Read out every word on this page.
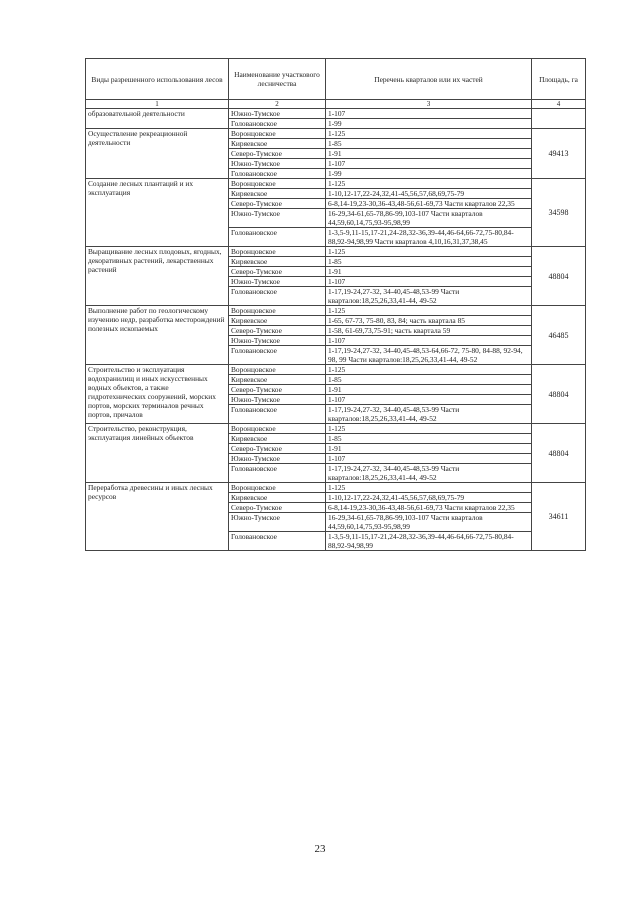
Виды разрешенного использования лесов	Наименование участкового лесничества	Перечень кварталов или их частей	Площадь, га
1	2	3	4
образовательной деятельности	Южно-Тумское	1-107	
	Голованoвское	1-99	
Осуществление рекреационной деятельности	Воронцовское	1-125	49413
	Киряевское	1-85	
	Северо-Тумское	1-91	
	Южно-Тумское	1-107	
	Голованoвское	1-99	
Создание лесных плантаций и их эксплуатация	Воронцовское	1-125	34598
	Киряевское	1-10,12-17,22-24,32,41-45,56,57,68,69,75-79	
	Северо-Тумское	6-8,14-19,23-30,36-43,48-56,61-69,73 Части кварталов 22,35	
	Южно-Тумское	16-29,34-61,65-78,86-99,103-107 Части кварталов 44,59,60,14,75,93-95,98,99	
	Голованoвское	1-3,5-9,11-15,17-21,24-28,32-36,39-44,46-64,66-72,75-80,84-88,92-94,98,99 Части кварталов 4,10,16,31,37,38,45	
Выращивание лесных плодовых, ягодных, декоративных растений, лекарственных растений	Воронцовское	1-125	48804
	Киряевское	1-85	
	Северо-Тумское	1-91	
	Южно-Тумское	1-107	
	Голованoвское	1-17,19-24,27-32, 34-40,45-48,53-99 Части кварталов:18,25,26,33,41-44, 49-52	
Выполнение работ по геологическому изучению недр, разработка месторождений полезных ископаемых	Воронцовское	1-125	46485
	Киряевское	1-65, 67-73, 75-80, 83, 84; часть квартала 85	
	Северо-Тумское	1-58, 61-69,73,75-91; часть квартала 59	
	Южно-Тумское	1-107	
	Голованoвское	1-17,19-24,27-32, 34-40,45-48,53-64,66-72, 75-80, 84-88, 92-94, 98, 99 Части кварталов:18,25,26,33,41-44, 49-52	
Строительство и эксплуатация водохранилищ и иных искусственных водных объектов, а также гидротехнических сооружений, морских портов, морских терминалов речных портов, причалов	Воронцовское	1-125	48804
	Киряевское	1-85	
	Северо-Тумское	1-91	
	Южно-Тумское	1-107	
	Голованoвское	1-17,19-24,27-32, 34-40,45-48,53-99 Части кварталов:18,25,26,33,41-44, 49-52	
Строительство, реконструкция, эксплуатация линейных объектов	Воронцовское	1-125	48804
	Киряевское	1-85	
	Северо-Тумское	1-91	
	Южно-Тумское	1-107	
	Голованoвское	1-17,19-24,27-32, 34-40,45-48,53-99 Части кварталов:18,25,26,33,41-44, 49-52	
Переработка древесины и иных лесных ресурсов	Воронцовское	1-125	34611
	Киряевское	1-10,12-17,22-24,32,41-45,56,57,68,69,75-79	
	Северо-Тумское	6-8,14-19,23-30,36-43,48-56,61-69,73 Части кварталов 22,35	
	Южно-Тумское	16-29,34-61,65-78,86-99,103-107 Части кварталов 44,59,60,14,75,93-95,98,99	
	Голованoвское	1-3,5-9,11-15,17-21,24-28,32-36,39-44,46-64,66-72,75-80,84-88,92-94,98,99	
23
